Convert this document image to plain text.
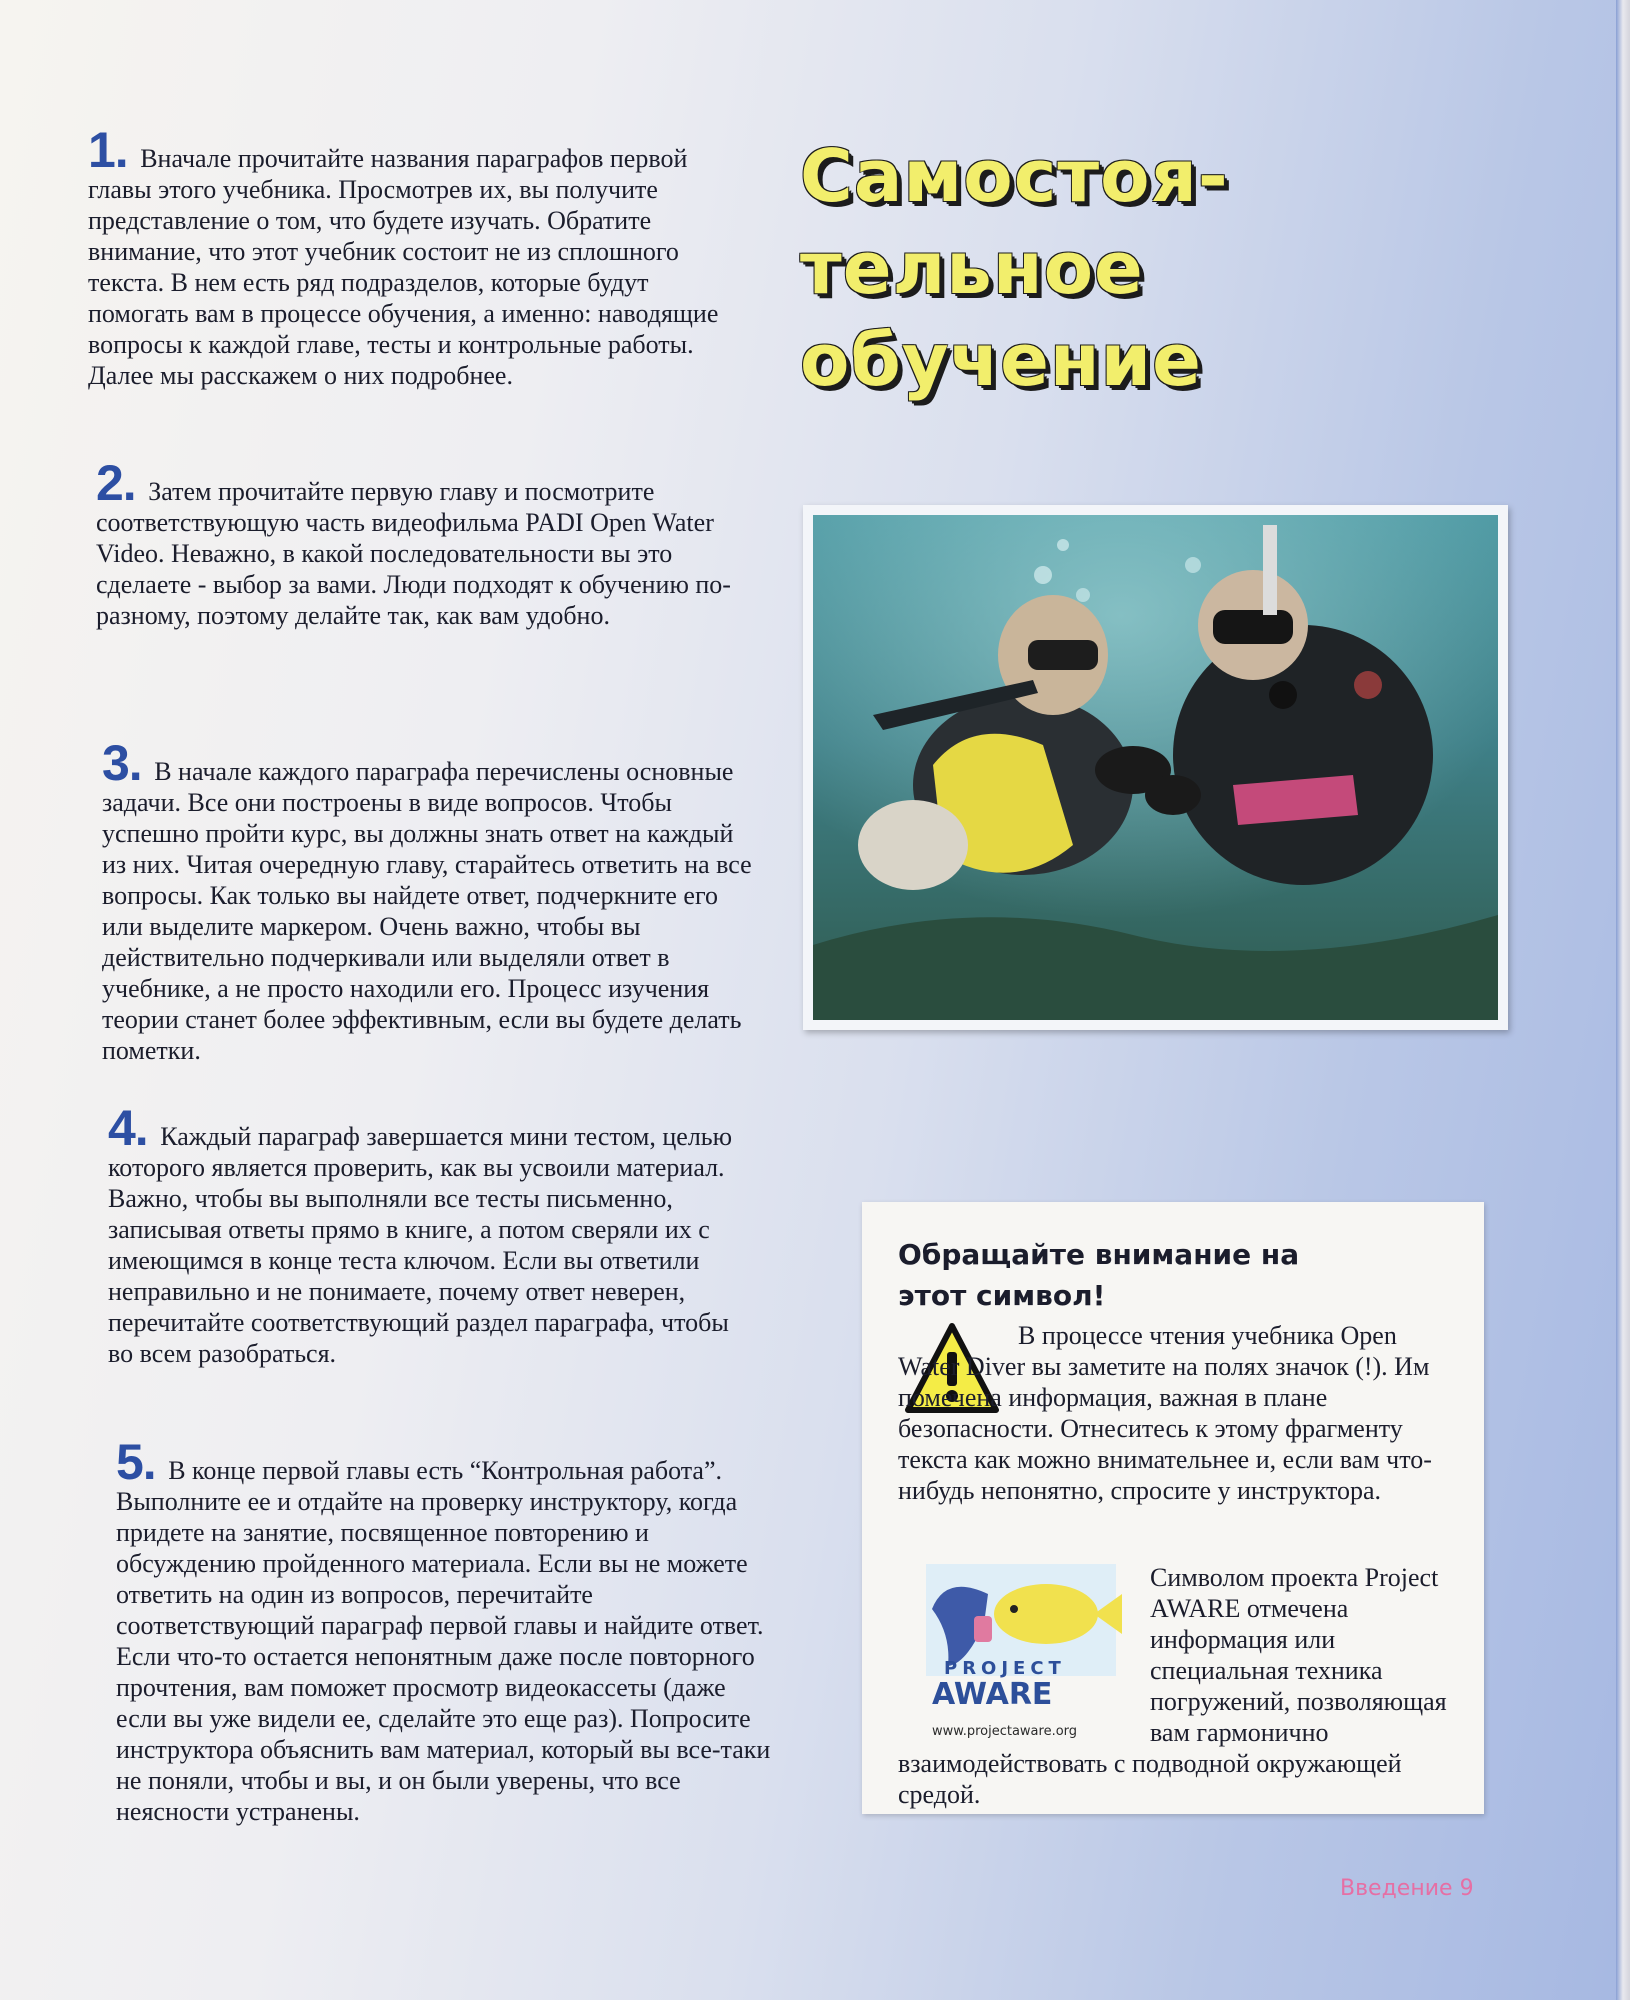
1. Вначале прочитайте названия параграфов первой главы этого учебника. Просмотрев их, вы получите представление о том, что будете изучать. Обратите внимание, что этот учебник состоит не из сплошного текста. В нем есть ряд подразделов, которые будут помогать вам в процессе обучения, а именно: наводящие вопросы к каждой главе, тесты и контрольные работы. Далее мы расскажем о них подробнее.
2. Затем прочитайте первую главу и посмотрите соответствующую часть видеофильма PADI Open Water Video. Неважно, в какой последовательности вы это сделаете - выбор за вами. Люди подходят к обучению по-разному, поэтому делайте так, как вам удобно.
3. В начале каждого параграфа перечислены основные задачи. Все они построены в виде вопросов. Чтобы успешно пройти курс, вы должны знать ответ на каждый из них. Читая очередную главу, старайтесь ответить на все вопросы. Как только вы найдете ответ, подчеркните его или выделите маркером. Очень важно, чтобы вы действительно подчеркивали или выделяли ответ в учебнике, а не просто находили его. Процесс изучения теории станет более эффективным, если вы будете делать пометки.
4. Каждый параграф завершается мини тестом, целью которого является проверить, как вы усвоили материал. Важно, чтобы вы выполняли все тесты письменно, записывая ответы прямо в книге, а потом сверяли их с имеющимся в конце теста ключом. Если вы ответили неправильно и не понимаете, почему ответ неверен, перечитайте соответствующий раздел параграфа, чтобы во всем разобраться.
5. В конце первой главы есть “Контрольная работа”. Выполните ее и отдайте на проверку инструктору, когда придете на занятие, посвященное повторению и обсуждению пройденного материала. Если вы не можете ответить на один из вопросов, перечитайте соответствующий параграф первой главы и найдите ответ. Если что-то остается непонятным даже после повторного прочтения, вам поможет просмотр видеокассеты (даже если вы уже видели ее, сделайте это еще раз). Попросите инструктора объяснить вам материал, который вы все-таки не поняли, чтобы и вы, и он были уверены, что все неясности устранены.
Самостоя-
тельное
обучение
Обращайте внимание на этот символ!
В процессе чтения учебника Open Water Diver вы заметите на полях значок (!). Им помечена информация, важная в плане безопасности. Отнеситесь к этому фрагменту текста как можно внимательнее и, если вам что-нибудь непонятно, спросите у инструктора.
PROJECT
AWARE
www.projectaware.org
Символом проекта Project AWARE отмечена информация или специальная техника погружений, позволяющая вам гармонично взаимодействовать с подводной окружающей средой.
Введение 9
